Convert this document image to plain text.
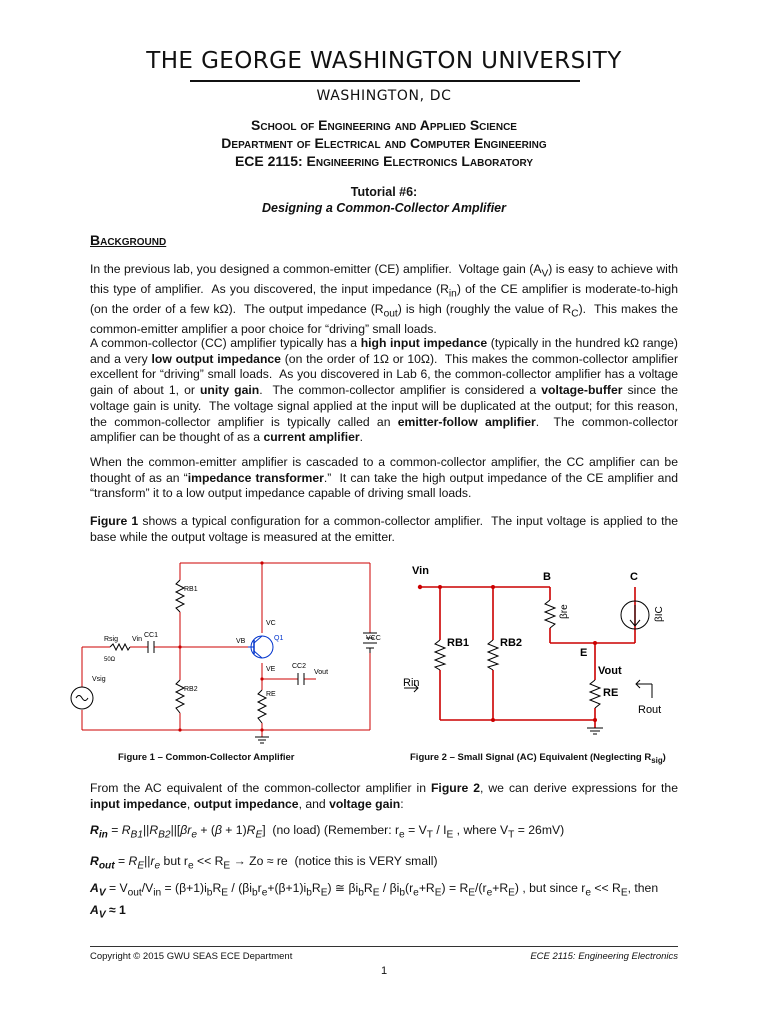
THE GEORGE WASHINGTON UNIVERSITY
WASHINGTON, DC
School of Engineering and Applied Science
Department of Electrical and Computer Engineering
ECE 2115: Engineering Electronics Laboratory
Tutorial #6:
Designing a Common-Collector Amplifier
Background
In the previous lab, you designed a common-emitter (CE) amplifier.  Voltage gain $(A_V)$ is easy to achieve with this type of amplifier.  As you discovered, the input impedance $(R_{in})$ of the CE amplifier is moderate-to-high (on the order of a few kΩ).  The output impedance $(R_{out})$ is high (roughly the value of $R_C$).  This makes the common-emitter amplifier a poor choice for “driving” small loads.
A common-collector (CC) amplifier typically has a high input impedance (typically in the hundred kΩ range) and a very low output impedance (on the order of 1Ω or 10Ω).  This makes the common-collector amplifier excellent for “driving” small loads.  As you discovered in Lab 6, the common-collector amplifier has a voltage gain of about 1, or unity gain.  The common-collector amplifier is considered a voltage-buffer since the voltage gain is unity.  The voltage signal applied at the input will be duplicated at the output; for this reason, the common-collector amplifier is typically called an emitter-follow amplifier.  The common-collector amplifier can be thought of as a current amplifier.
When the common-emitter amplifier is cascaded to a common-collector amplifier, the CC amplifier can be thought of as an “impedance transformer.”  It can take the high output impedance of the CE amplifier and “transform” it to a low output impedance capable of driving small loads.
Figure 1 shows a typical configuration for a common-collector amplifier.  The input voltage is applied to the base while the output voltage is measured at the emitter.
RB1
RB2
RE
Rsig
50Ω
Vin
CC1
CC2
VB
VC
VE
Q1	VCC
Vout
Vsig
Vin	B	C
E
RB1	RB2
βre	βIC
Vout
RE
Rin
Rout
Figure 1 – Common-Collector Amplifier	Figure 2 – Small Signal (AC) Equivalent (Neglecting $R_{sig}$)
From the AC equivalent of the common-collector amplifier in Figure 2, we can derive expressions for the input impedance, output impedance, and voltage gain:
$R_{in} = R_{B1}||R_{B2}||[\beta r_e + (\beta + 1)R_E]$  (no load) (Remember: $r_e = V_T / I_E$ , where $V_T = 26mV$)
$R_{out} = R_E||r_e$ but $r_e << R_E \to Zo$ ≈ re  (notice this is VERY small)
$A_V = V_{out}/V_{in} = (\beta+1)i_bR_E / (\beta i_br_e+(\beta+1)i_bR_E)$ ≅ $\beta i_bR_E / \beta i_b(r_e+R_E) = R_E/(r_e+R_E)$ , but since $r_e << R_E$, then
$A_V \approx 1$
Copyright © 2015 GWU SEAS ECE Department	ECE 2115: Engineering Electronics
1
